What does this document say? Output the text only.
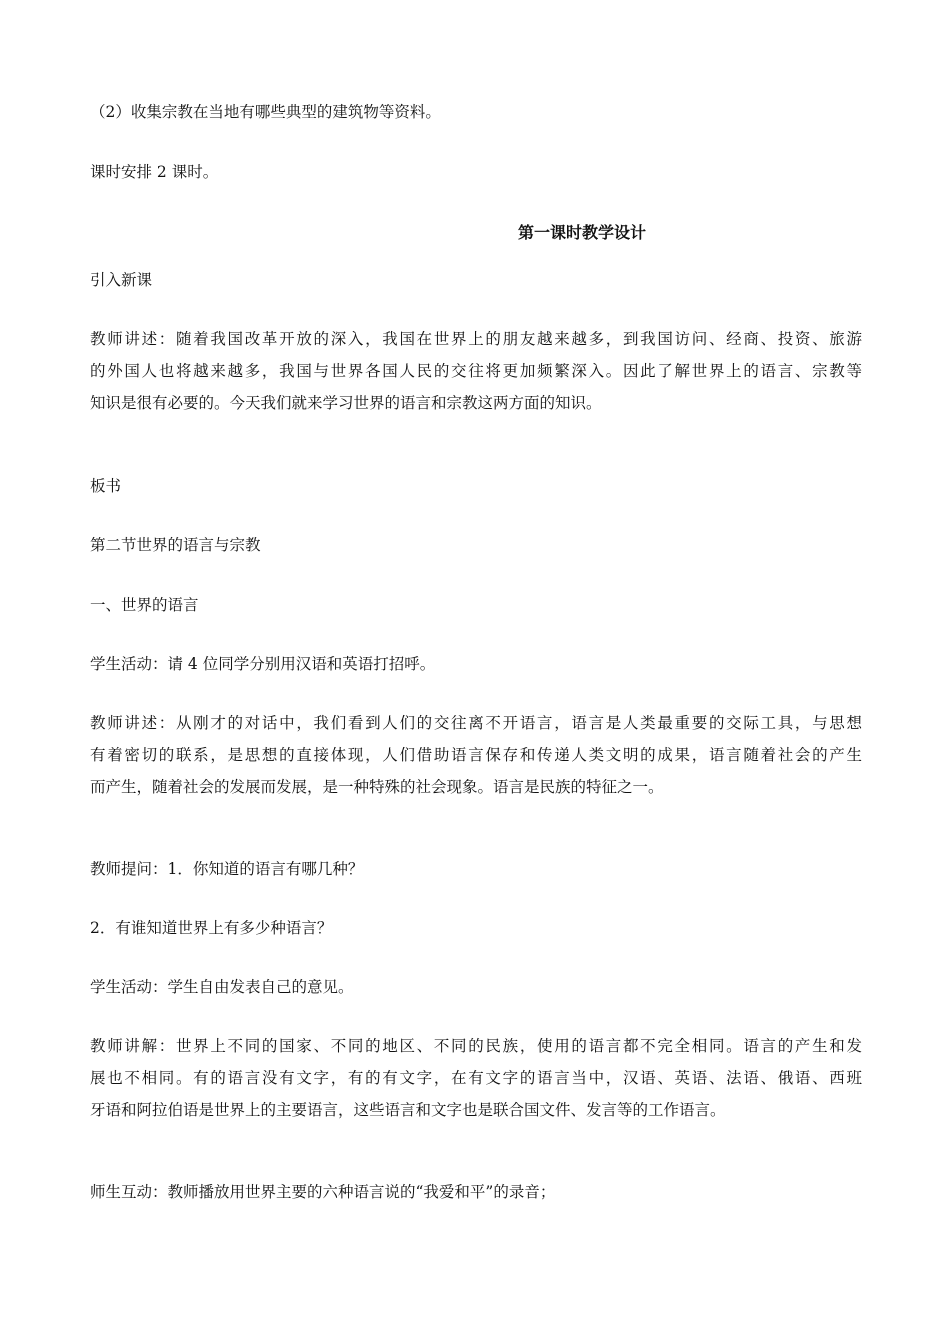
（2）收集宗教在当地有哪些典型的建筑物等资料。

课时安排 2 课时。

第一课时教学设计

引入新课

教师讲述：随着我国改革开放的深入，我国在世界上的朋友越来越多，到我国访问、经商、投资、旅游
的外国人也将越来越多，我国与世界各国人民的交往将更加频繁深入。因此了解世界上的语言、宗教等
知识是很有必要的。今天我们就来学习世界的语言和宗教这两方面的知识。

板书

第二节世界的语言与宗教

一、世界的语言

学生活动：请 4 位同学分别用汉语和英语打招呼。

教师讲述：从刚才的对话中，我们看到人们的交往离不开语言，语言是人类最重要的交际工具，与思想
有着密切的联系，是思想的直接体现，人们借助语言保存和传递人类文明的成果，语言随着社会的产生
而产生，随着社会的发展而发展，是一种特殊的社会现象。语言是民族的特征之一。

教师提问：1．你知道的语言有哪几种？

2．有谁知道世界上有多少种语言？

学生活动：学生自由发表自己的意见。

教师讲解：世界上不同的国家、不同的地区、不同的民族，使用的语言都不完全相同。语言的产生和发
展也不相同。有的语言没有文字，有的有文字，在有文字的语言当中，汉语、英语、法语、俄语、西班
牙语和阿拉伯语是世界上的主要语言，这些语言和文字也是联合国文件、发言等的工作语言。

师生互动：教师播放用世界主要的六种语言说的“我爱和平”的录音；
